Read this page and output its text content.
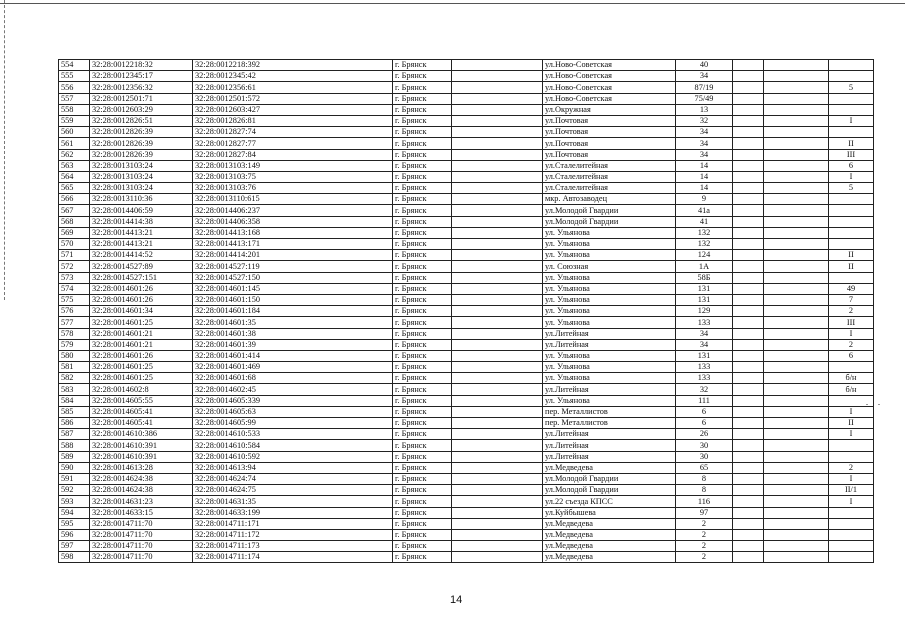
554	32:28:0012218:32	32:28:0012218:392	г. Брянск		ул.Ново-Советская	40			
555	32:28:0012345:17	32:28:0012345:42	г. Брянск		ул.Ново-Советская	34			
556	32:28:0012356:32	32:28:0012356:61	г. Брянск		ул.Ново-Советская	87/19			5
557	32:28:0012501:71	32:28:0012501:572	г. Брянск		ул.Ново-Советская	75/49			
558	32:28:0012603:29	32:28:0012603:427	г. Брянск		ул.Окружная	13			
559	32:28:0012826:51	32:28:0012826:81	г. Брянск		ул.Почтовая	32			I
560	32:28:0012826:39	32:28:0012827:74	г. Брянск		ул.Почтовая	34			
561	32:28:0012826:39	32:28:0012827:77	г. Брянск		ул.Почтовая	34			II
562	32:28:0012826:39	32:28:0012827:84	г. Брянск		ул.Почтовая	34			III
563	32:28:0013103:24	32:28:0013103:149	г. Брянск		ул.Сталелитейная	14			6
564	32:28:0013103:24	32:28:0013103:75	г. Брянск		ул.Сталелитейная	14			I
565	32:28:0013103:24	32:28:0013103:76	г. Брянск		ул.Сталелитейная	14			5
566	32:28:0013110:36	32:28:0013110:615	г. Брянск		мкр. Автозаводец	9			
567	32:28:0014406:59	32:28:0014406:237	г. Брянск		ул.Молодой Гвардии	41а			
568	32:28:0014414:38	32:28:0014406:358	г. Брянск		ул.Молодой Гвардии	41			
569	32:28:0014413:21	32:28:0014413:168	г. Брянск		ул. Ульянова	132			
570	32:28:0014413:21	32:28:0014413:171	г. Брянск		ул. Ульянова	132			
571	32:28:0014414:52	32:28:0014414:201	г. Брянск		ул. Ульянова	124			II
572	32:28:0014527:89	32:28:0014527:119	г. Брянск		ул. Союзная	1А			II
573	32:28:0014527:151	32:28:0014527:150	г. Брянск		ул. Ульянова	58Б			
574	32:28:0014601:26	32:28:0014601:145	г. Брянск		ул. Ульянова	131			49
575	32:28:0014601:26	32:28:0014601:150	г. Брянск		ул. Ульянова	131			7
576	32:28:0014601:34	32:28:0014601:184	г. Брянск		ул. Ульянова	129			2
577	32:28:0014601:25	32:28:0014601:35	г. Брянск		ул. Ульянова	133			III
578	32:28:0014601:21	32:28:0014601:38	г. Брянск		ул.Литейная	34			I
579	32:28:0014601:21	32:28:0014601:39	г. Брянск		ул.Литейная	34			2
580	32:28:0014601:26	32:28:0014601:414	г. Брянск		ул. Ульянова	131			6
581	32:28:0014601:25	32:28:0014601:469	г. Брянск		ул. Ульянова	133			
582	32:28:0014601:25	32:28:0014601:68	г. Брянск		ул. Ульянова	133			б/н
583	32:28:0014602:8	32:28:0014602:45	г. Брянск		ул.Литейная	32			б/н
584	32:28:0014605:55	32:28:0014605:339	г. Брянск		ул. Ульянова	111			
585	32:28:0014605:41	32:28:0014605:63	г. Брянск		пер. Металлистов	6			I
586	32:28:0014605:41	32:28:0014605:99	г. Брянск		пер. Металлистов	6			II
587	32:28:0014610:386	32:28:0014610:533	г. Брянск		ул.Литейная	26			I
588	32:28:0014610:391	32:28:0014610:584	г. Брянск		ул.Литейная	30			
589	32:28:0014610:391	32:28:0014610:592	г. Брянск		ул.Литейная	30			
590	32:28:0014613:28	32:28:0014613:94	г. Брянск		ул.Медведева	65			2
591	32:28:0014624:38	32:28:0014624:74	г. Брянск		ул.Молодой Гвардии	8			I
592	32:28:0014624:38	32:28:0014624:75	г. Брянск		ул.Молодой Гвардии	8			II/1
593	32:28:0014631:23	32:28:0014631:35	г. Брянск		ул.22 съезда КПСС	116			I
594	32:28:0014633:15	32:28:0014633:199	г. Брянск		ул.Куйбышева	97			
595	32:28:0014711:70	32:28:0014711:171	г. Брянск		ул.Медведева	2			
596	32:28:0014711:70	32:28:0014711:172	г. Брянск		ул.Медведева	2			
597	32:28:0014711:70	32:28:0014711:173	г. Брянск		ул.Медведева	2			
598	32:28:0014711:70	32:28:0014711:174	г. Брянск		ул.Медведева	2			
14
